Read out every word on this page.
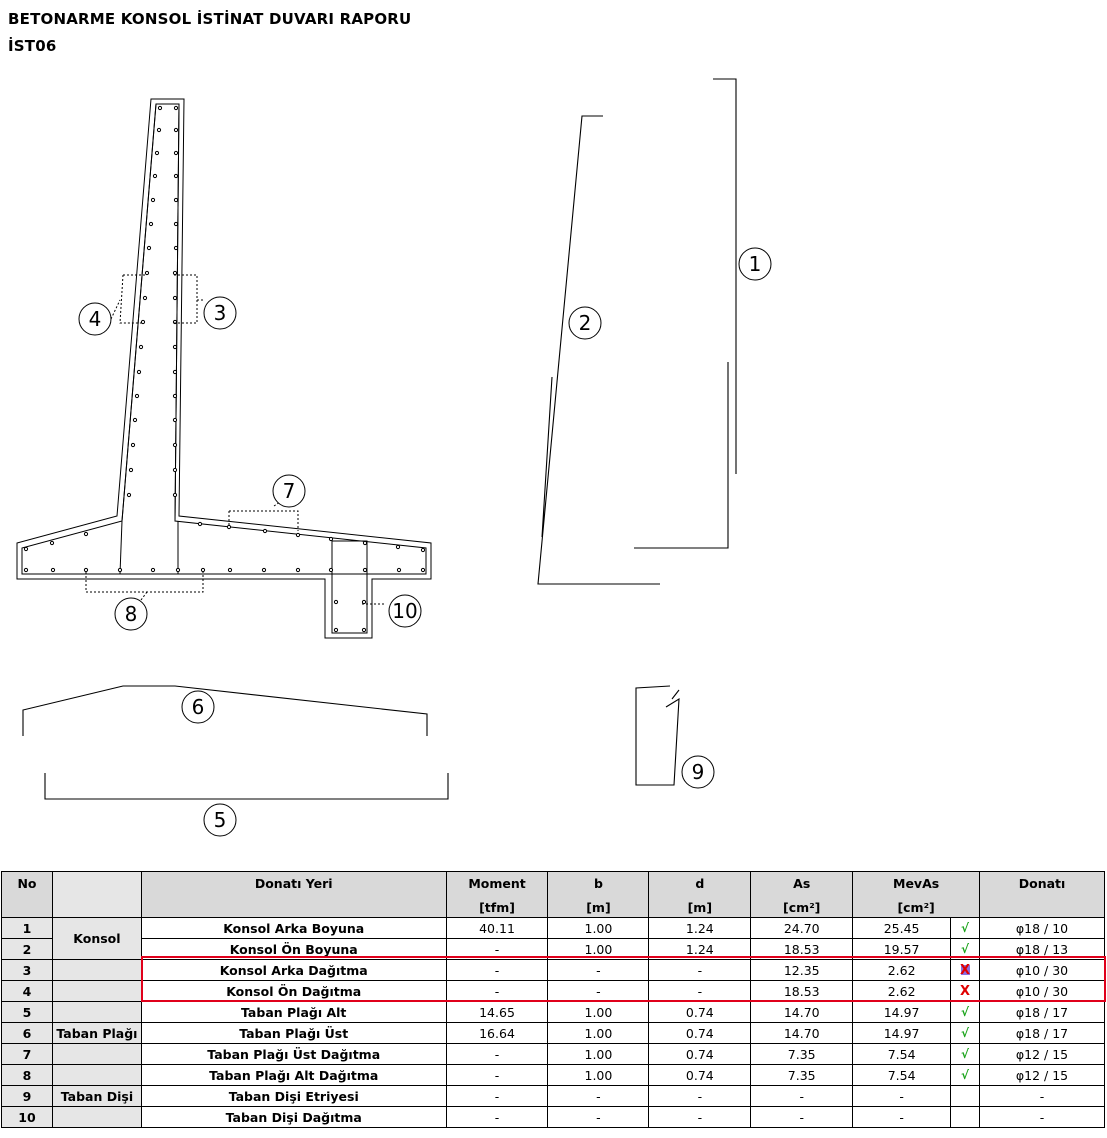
BETONARME KONSOL İSTİNAT DUVARI RAPORU
İST06
1
2
3
4
5
6
7
8
9
10
No		Donatı Yeri	Moment	b	d	As	MevAs		Donatı
			[tfm]	[m]	[m]	[cm²]	[cm²]		
1	Konsol	Konsol Arka Boyuna	40.11	1.00	1.24	24.70	25.45	√	φ18 / 10
2		Konsol Ön Boyuna	-	1.00	1.24	18.53	19.57	√	φ18 / 13
3		Konsol Arka Dağıtma	-	-	-	12.35	2.62	X	φ10 / 30
4		Konsol Ön Dağıtma	-	-	-	18.53	2.62	X	φ10 / 30
5		Taban Plağı Alt	14.65	1.00	0.74	14.70	14.97	√	φ18 / 17
6	Taban Plağı	Taban Plağı Üst	16.64	1.00	0.74	14.70	14.97	√	φ18 / 17
7		Taban Plağı Üst Dağıtma	-	1.00	0.74	7.35	7.54	√	φ12 / 15
8		Taban Plağı Alt Dağıtma	-	1.00	0.74	7.35	7.54	√	φ12 / 15
9	Taban Dişi	Taban Dişi Etriyesi	-	-	-	-	-		-
10		Taban Dişi Dağıtma	-	-	-	-	-		-
